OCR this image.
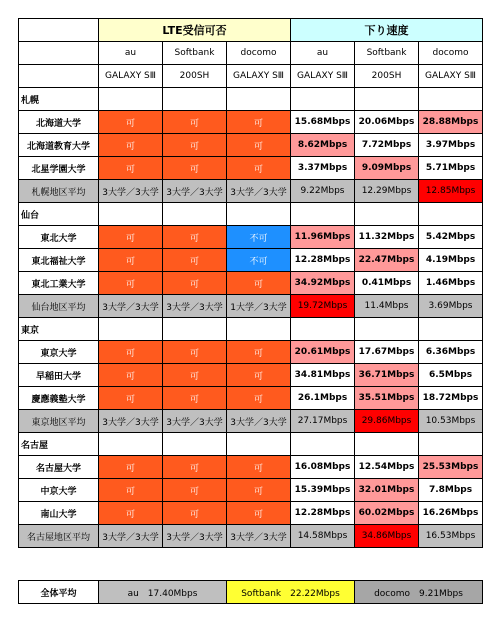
	LTE受信可否			下り速度		
	au	Softbank	docomo	au	Softbank	docomo
	GALAXY SⅢ	200SH	GALAXY SⅢ	GALAXY SⅢ	200SH	GALAXY SⅢ
札幌						
北海道大学	可	可	可	15.68Mbps	20.06Mbps	28.88Mbps
北海道教育大学	可	可	可	8.62Mbps	7.72Mbps	3.97Mbps
北星学園大学	可	可	可	3.37Mbps	9.09Mbps	5.71Mbps
札幌地区平均	3大学／3大学	3大学／3大学	3大学／3大学	9.22Mbps	12.29Mbps	12.85Mbps
仙台						
東北大学	可	可	不可	11.96Mbps	11.32Mbps	5.42Mbps
東北福祉大学	可	可	不可	12.28Mbps	22.47Mbps	4.19Mbps
東北工業大学	可	可	可	34.92Mbps	0.41Mbps	1.46Mbps
仙台地区平均	3大学／3大学	3大学／3大学	1大学／3大学	19.72Mbps	11.4Mbps	3.69Mbps
東京						
東京大学	可	可	可	20.61Mbps	17.67Mbps	6.36Mbps
早稲田大学	可	可	可	34.81Mbps	36.71Mbps	6.5Mbps
慶應義塾大学	可	可	可	26.1Mbps	35.51Mbps	18.72Mbps
東京地区平均	3大学／3大学	3大学／3大学	3大学／3大学	27.17Mbps	29.86Mbps	10.53Mbps
名古屋						
名古屋大学	可	可	可	16.08Mbps	12.54Mbps	25.53Mbps
中京大学	可	可	可	15.39Mbps	32.01Mbps	7.8Mbps
南山大学	可	可	可	12.28Mbps	60.02Mbps	16.26Mbps
名古屋地区平均	3大学／3大学	3大学／3大学	3大学／3大学	14.58Mbps	34.86Mbps	16.53Mbps
全体平均	au　17.40Mbps	Softbank　22.22Mbps	docomo　9.21Mbps
